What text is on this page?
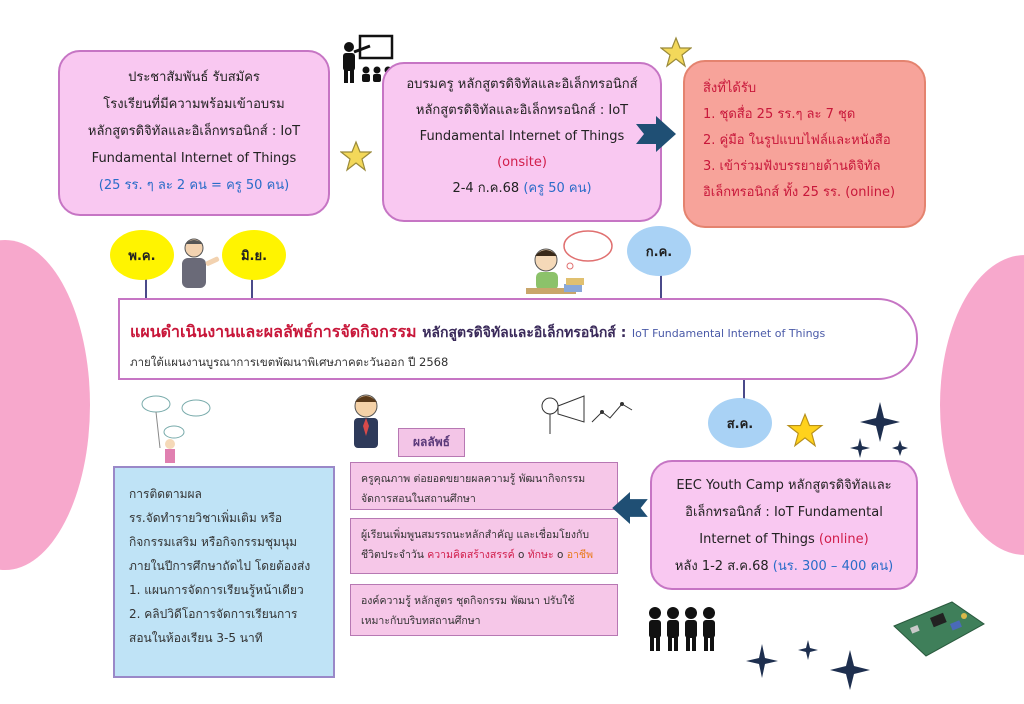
ประชาสัมพันธ์ รับสมัคร
โรงเรียนที่มีความพร้อมเข้าอบรม
หลักสูตรดิจิทัลและอิเล็กทรอนิกส์ : IoT
Fundamental Internet of Things
(25 รร. ๆ ละ 2 คน = ครู 50 คน)
อบรมครู หลักสูตรดิจิทัลและอิเล็กทรอนิกส์
หลักสูตรดิจิทัลและอิเล็กทรอนิกส์ : IoT
Fundamental Internet of Things
(onsite)
2-4 ก.ค.68 (ครู 50 คน)
สิ่งที่ได้รับ
1. ชุดสื่อ 25 รร.ๆ ละ 7 ชุด
2. คู่มือ ในรูปแบบไฟล์และหนังสือ
3. เข้าร่วมฟังบรรยายด้านดิจิทัล
อิเล็กทรอนิกส์ ทั้ง 25 รร. (online)
พ.ค.	มิ.ย.	ก.ค.
แผนดำเนินงานและผลลัพธ์การจัดกิจกรรม หลักสูตรดิจิทัลและอิเล็กทรอนิกส์ : IoT Fundamental Internet of Things
ภายใต้แผนงานบูรณาการเขตพัฒนาพิเศษภาคตะวันออก ปี 2568
ส.ค.
ผลลัพธ์
ครูคุณภาพ ต่อยอดขยายผลความรู้ พัฒนากิจกรรม
จัดการสอนในสถานศึกษา
ผู้เรียนเพิ่มพูนสมรรถนะหลักสำคัญ และเชื่อมโยงกับ
ชีวิตประจำวัน ความคิดสร้างสรรค์ o ทักษะ o อาชีพ
องค์ความรู้ หลักสูตร ชุดกิจกรรม พัฒนา ปรับใช้
เหมาะกับบริบทสถานศึกษา
EEC Youth Camp หลักสูตรดิจิทัลและ
อิเล็กทรอนิกส์ : IoT Fundamental
Internet of Things (online)
หลัง 1-2 ส.ค.68 (นร. 300 – 400 คน)
การติดตามผล
รร.จัดทำรายวิชาเพิ่มเติม หรือ
กิจกรรมเสริม หรือกิจกรรมชุมนุม
ภายในปีการศึกษาถัดไป โดยต้องส่ง
1. แผนการจัดการเรียนรู้หน้าเดียว
2. คลิปวิดีโอการจัดการเรียนการ
สอนในห้องเรียน 3-5 นาที
